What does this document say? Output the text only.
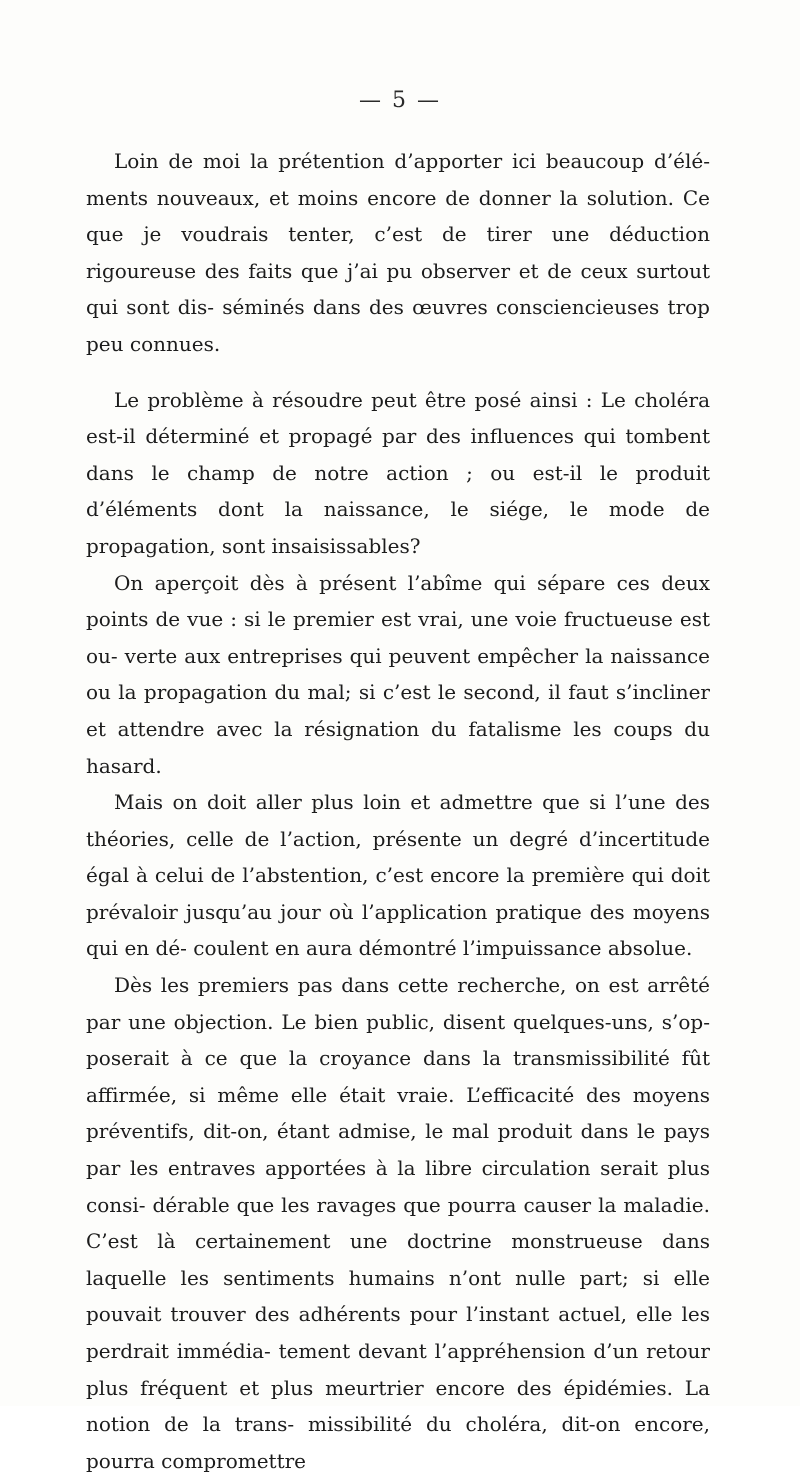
— 5 —

Loin de moi la prétention d’apporter ici beaucoup d’élé- ments nouveaux, et moins encore de donner la solution. Ce que je voudrais tenter, c’est de tirer une déduction rigoureuse des faits que j’ai pu observer et de ceux surtout qui sont dis- séminés dans des œuvres consciencieuses trop peu connues.

Le problème à résoudre peut être posé ainsi : Le choléra est-il déterminé et propagé par des influences qui tombent dans le champ de notre action ; ou est-il le produit d’éléments dont la naissance, le siége, le mode de propagation, sont insaisissables?

On aperçoit dès à présent l’abîme qui sépare ces deux points de vue : si le premier est vrai, une voie fructueuse est ou- verte aux entreprises qui peuvent empêcher la naissance ou la propagation du mal; si c’est le second, il faut s’incliner et attendre avec la résignation du fatalisme les coups du hasard.

Mais on doit aller plus loin et admettre que si l’une des théories, celle de l’action, présente un degré d’incertitude égal à celui de l’abstention, c’est encore la première qui doit prévaloir jusqu’au jour où l’application pratique des moyens qui en dé- coulent en aura démontré l’impuissance absolue.

Dès les premiers pas dans cette recherche, on est arrêté par une objection. Le bien public, disent quelques-uns, s’op- poserait à ce que la croyance dans la transmissibilité fût affirmée, si même elle était vraie. L’efficacité des moyens préventifs, dit-on, étant admise, le mal produit dans le pays par les entraves apportées à la libre circulation serait plus consi- dérable que les ravages que pourra causer la maladie. C’est là certainement une doctrine monstrueuse dans laquelle les sentiments humains n’ont nulle part; si elle pouvait trouver des adhérents pour l’instant actuel, elle les perdrait immédia- tement devant l’appréhension d’un retour plus fréquent et plus meurtrier encore des épidémies. La notion de la trans- missibilité du choléra, dit-on encore, pourra compromettre
